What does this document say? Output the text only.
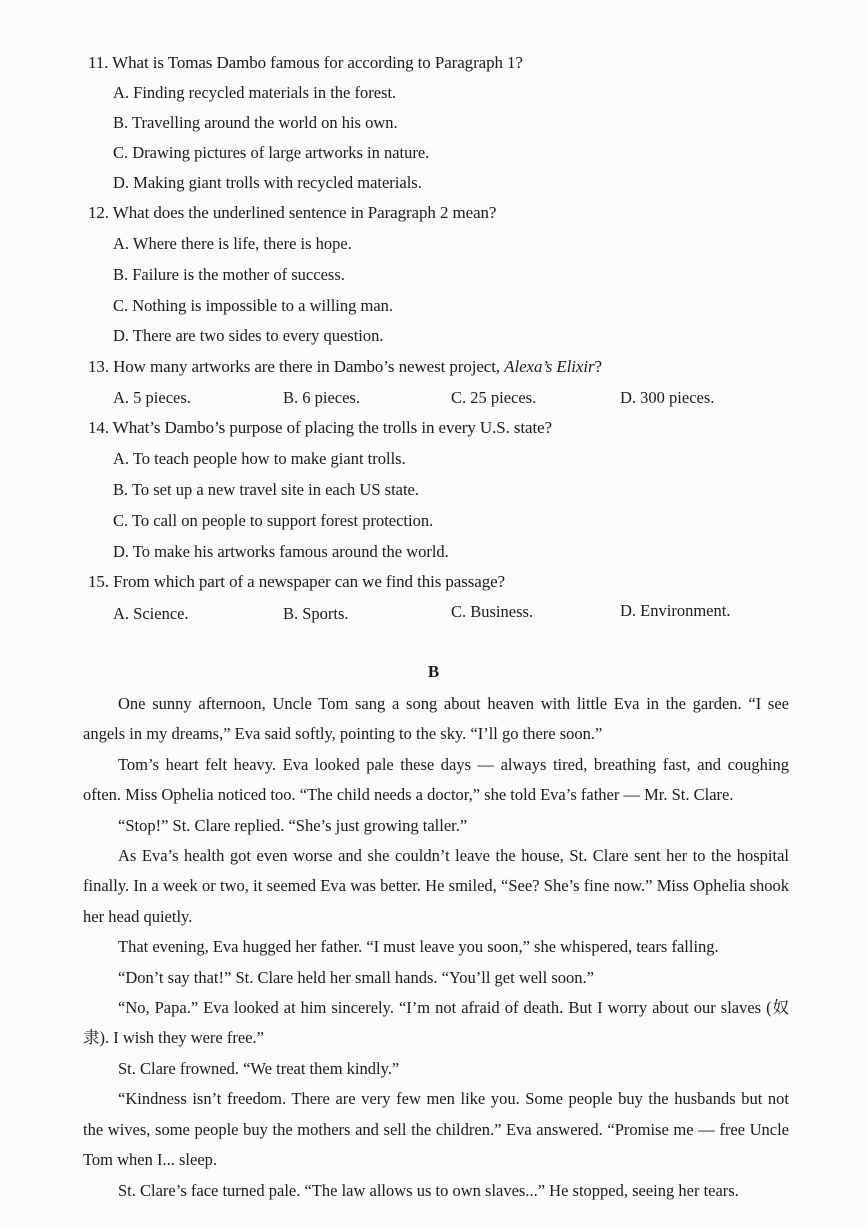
11. What is Tomas Dambo famous for according to Paragraph 1?
A. Finding recycled materials in the forest.
B. Travelling around the world on his own.
C. Drawing pictures of large artworks in nature.
D. Making giant trolls with recycled materials.
12. What does the underlined sentence in Paragraph 2 mean?
A. Where there is life, there is hope.
B. Failure is the mother of success.
C. Nothing is impossible to a willing man.
D. There are two sides to every question.
13. How many artworks are there in Dambo’s newest project, Alexa’s Elixir?
A. 5 pieces.	B. 6 pieces.	C. 25 pieces.	D. 300 pieces.
14. What’s Dambo’s purpose of placing the trolls in every U.S. state?
A. To teach people how to make giant trolls.
B. To set up a new travel site in each US state.
C. To call on people to support forest protection.
D. To make his artworks famous around the world.
15. From which part of a newspaper can we find this passage?
A. Science.	B. Sports.	C. Business.	D. Environment.
B

One sunny afternoon, Uncle Tom sang a song about heaven with little Eva in the garden. “I see angels in my dreams,” Eva said softly, pointing to the sky. “I’ll go there soon.”

Tom’s heart felt heavy. Eva looked pale these days — always tired, breathing fast, and coughing often. Miss Ophelia noticed too. “The child needs a doctor,” she told Eva’s father — Mr. St. Clare.

“Stop!” St. Clare replied. “She’s just growing taller.”

As Eva’s health got even worse and she couldn’t leave the house, St. Clare sent her to the hospital finally. In a week or two, it seemed Eva was better. He smiled, “See? She’s fine now.” Miss Ophelia shook her head quietly.

That evening, Eva hugged her father. “I must leave you soon,” she whispered, tears falling.

“Don’t say that!” St. Clare held her small hands. “You’ll get well soon.”

“No, Papa.” Eva looked at him sincerely. “I’m not afraid of death. But I worry about our slaves (奴隶). I wish they were free.”

St. Clare frowned. “We treat them kindly.”

“Kindness isn’t freedom. There are very few men like you. Some people buy the husbands but not the wives, some people buy the mothers and sell the children.” Eva answered. “Promise me — free Uncle Tom when I... sleep.

St. Clare’s face turned pale. “The law allows us to own slaves...” He stopped, seeing her tears.
